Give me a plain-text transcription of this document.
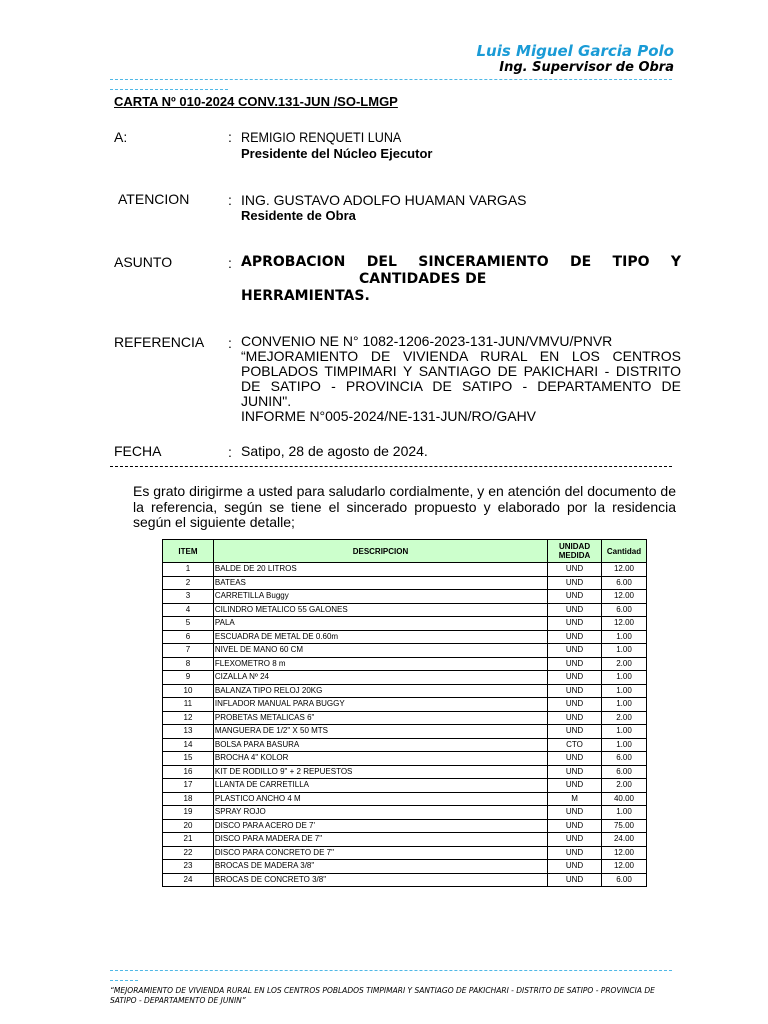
Luis Miguel Garcia Polo
Ing. Supervisor de Obra
CARTA Nº 010-2024 CONV.131-JUN /SO-LMGP
A:	: REMIGIO RENQUETI LUNA
Presidente del Núcleo Ejecutor
ATENCION	: ING. GUSTAVO ADOLFO HUAMAN VARGAS
Residente de Obra
ASUNTO	: APROBACION DEL SINCERAMIENTO DE TIPO Y
CANTIDADES DE
HERRAMIENTAS.
REFERENCIA : CONVENIO NE N° 1082-1206-2023-131-JUN/VMVU/PNVR
“MEJORAMIENTO DE VIVIENDA RURAL EN LOS CENTROS POBLADOS TIMPIMARI Y SANTIAGO DE PAKICHARI - DISTRITO DE SATIPO - PROVINCIA DE SATIPO - DEPARTAMENTO DE JUNIN".
INFORME N°005-2024/NE-131-JUN/RO/GAHV
FECHA	: Satipo, 28 de agosto de 2024.
Es grato dirigirme a usted para saludarlo cordialmente, y en atención del documento de la referencia, según se tiene el sincerado propuesto y elaborado por la residencia según el siguiente detalle;
ITEM	DESCRIPCION	UNIDAD MEDIDA	Cantidad
1	BALDE DE 20 LITROS	UND	12.00
2	BATEAS	UND	6.00
3	CARRETILLA Buggy	UND	12.00
4	CILINDRO METALICO 55 GALONES	UND	6.00
5	PALA	UND	12.00
6	ESCUADRA DE METAL DE 0.60m	UND	1.00
7	NIVEL DE MANO 60 CM	UND	1.00
8	FLEXOMETRO 8 m	UND	2.00
9	CIZALLA Nº 24	UND	1.00
10	BALANZA TIPO RELOJ 20KG	UND	1.00
11	INFLADOR MANUAL PARA BUGGY	UND	1.00
12	PROBETAS METALICAS 6"	UND	2.00
13	MANGUERA DE 1/2" X 50 MTS	UND	1.00
14	BOLSA PARA BASURA	CTO	1.00
15	BROCHA 4" KOLOR	UND	6.00
16	KIT DE RODILLO 9" + 2 REPUESTOS	UND	6.00
17	LLANTA DE CARRETILLA	UND	2.00
18	PLASTICO ANCHO 4 M	M	40.00
19	SPRAY ROJO	UND	1.00
20	DISCO PARA ACERO DE 7'	UND	75.00
21	DISCO PARA MADERA DE 7"	UND	24.00
22	DISCO PARA CONCRETO DE 7"	UND	12.00
23	BROCAS DE MADERA 3/8"	UND	12.00
24	BROCAS DE CONCRETO 3/8"	UND	6.00
“MEJORAMIENTO DE VIVIENDA RURAL EN LOS CENTROS POBLADOS TIMPIMARI Y SANTIAGO DE PAKICHARI - DISTRITO DE SATIPO - PROVINCIA DE SATIPO - DEPARTAMENTO DE JUNIN”
